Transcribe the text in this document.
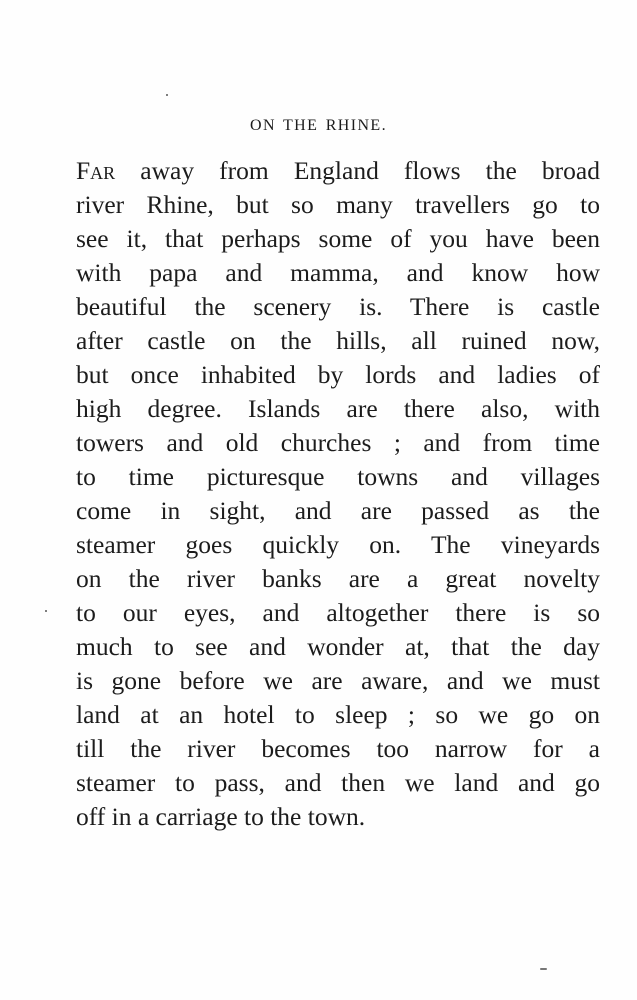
ON THE RHINE.
Far away from England flows the broad
river Rhine, but so many travellers go to
see it, that perhaps some of you have been
with papa and mamma, and know how
beautiful the scenery is. There is castle
after castle on the hills, all ruined now,
but once inhabited by lords and ladies of
high degree. Islands are there also, with
towers and old churches ; and from time
to time picturesque towns and villages
come in sight, and are passed as the
steamer goes quickly on. The vineyards
on the river banks are a great novelty
to our eyes, and altogether there is so
much to see and wonder at, that the day
is gone before we are aware, and we must
land at an hotel to sleep ; so we go on
till the river becomes too narrow for a
steamer to pass, and then we land and go
off in a carriage to the town.
